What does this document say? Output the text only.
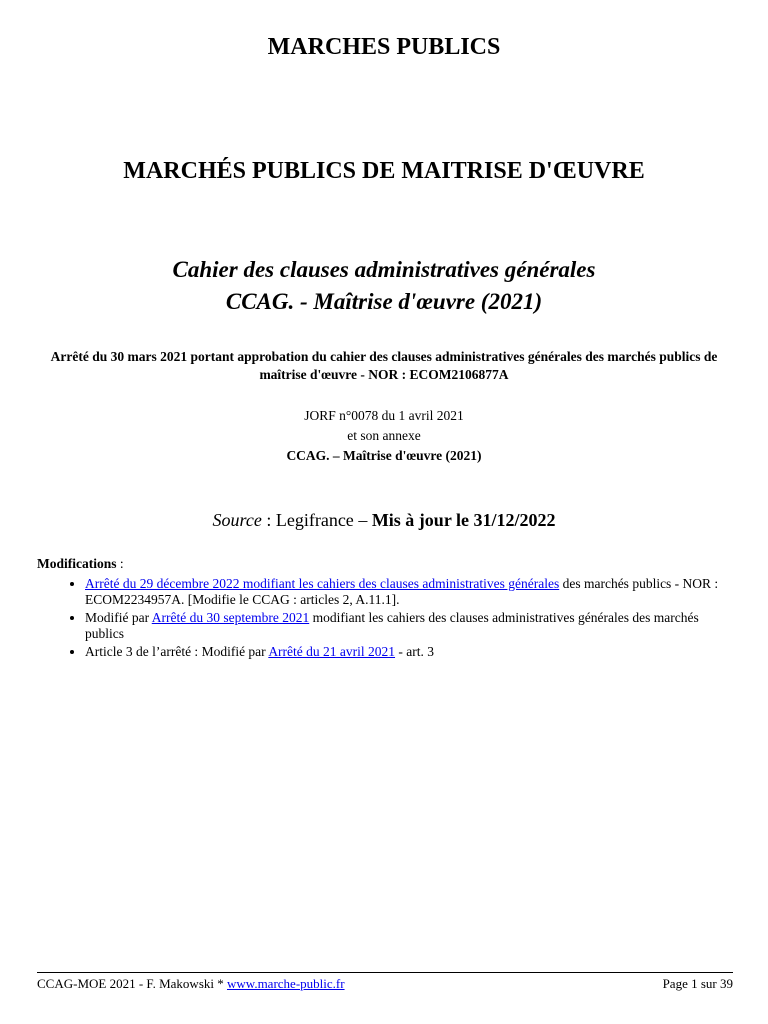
MARCHES PUBLICS
MARCHÉS PUBLICS DE MAITRISE D'ŒUVRE
Cahier des clauses administratives générales
CCAG. - Maîtrise d'œuvre (2021)
Arrêté du 30 mars 2021 portant approbation du cahier des clauses administratives générales des marchés publics de maîtrise d'œuvre - NOR : ECOM2106877A
JORF n°0078 du 1 avril 2021
et son annexe
CCAG. – Maîtrise d'œuvre (2021)
Source : Legifrance – Mis à jour le 31/12/2022
Modifications :
• Arrêté du 29 décembre 2022 modifiant les cahiers des clauses administratives générales des marchés publics - NOR : ECOM2234957A. [Modifie le CCAG : articles 2, A.11.1].
• Modifié par Arrêté du 30 septembre 2021 modifiant les cahiers des clauses administratives générales des marchés publics
• Article 3 de l’arrêté : Modifié par Arrêté du 21 avril 2021 - art. 3
CCAG-MOE 2021 - F. Makowski * www.marche-public.fr	Page 1 sur 39
